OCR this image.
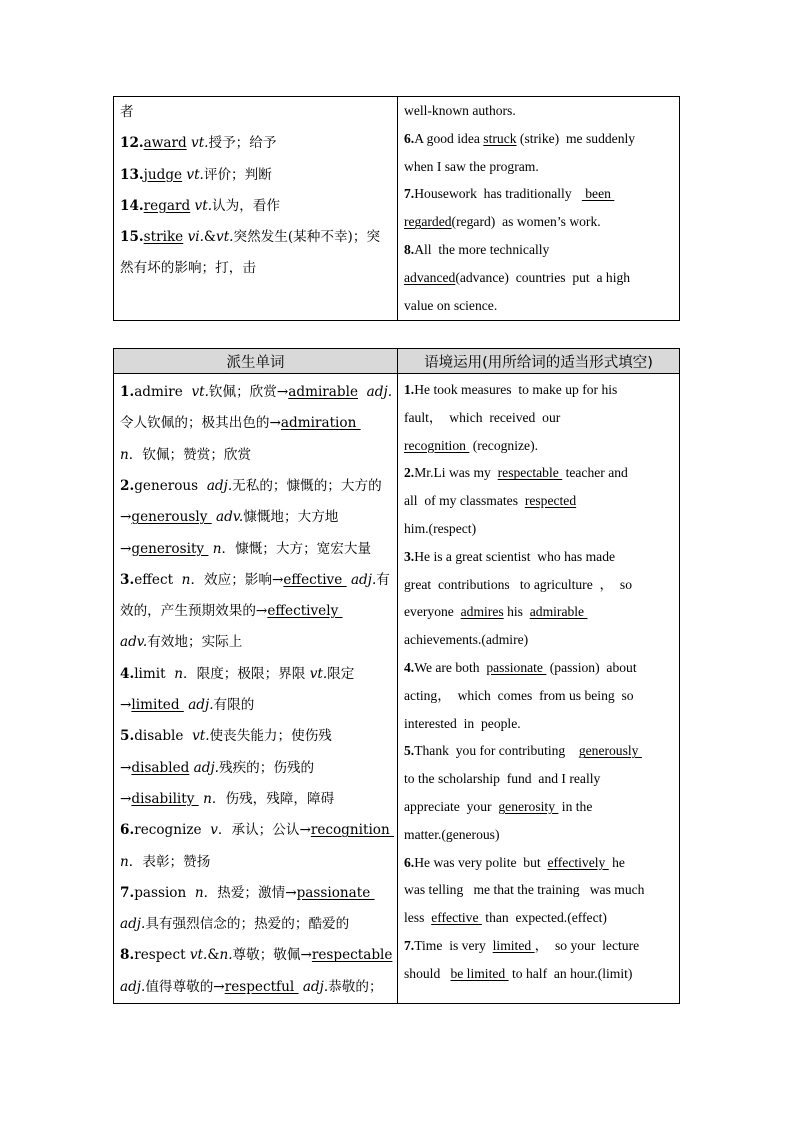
者
12.award vt.授予；给予
13.judge vt.评价；判断
14.regard vt.认为，看作
15.strike vi.&vt.突然发生(某种不幸)；突
然有坏的影响；打，击
well-known authors.
6.A good idea struck (strike)  me suddenly
when I saw the program.
7.Housework  has traditionally    been
regarded(regard)  as women’s work.
8.All  the more technically
advanced(advance)  countries  put  a high
value on science.
派生单词	语境运用(用所给词的适当形式填空)
1.admire  vt.钦佩；欣赏→admirable adj.
令人钦佩的；极其出色的→admiration
n．钦佩；赞赏；欣赏
2.generous  adj.无私的；慷慨的；大方的
→generously  adv.慷慨地；大方地
→generosity  n．慷慨；大方；宽宏大量
3.effect  n．效应；影响→effective  adj.有
效的，产生预期效果的→effectively
adv.有效地；实际上
4.limit  n．限度；极限；界限 vt.限定
→limited  adj.有限的
5.disable  vt.使丧失能力；使伤残
→disabled adj.残疾的；伤残的
→disability  n．伤残，残障，障碍
6.recognize  v．承认；公认→recognition
n．表彰；赞扬
7.passion  n．热爱；激情→passionate
adj.具有强烈信念的；热爱的；酷爱的
8.respect vt.&n.尊敬；敬佩→respectable
adj.值得尊敬的→respectful  adj.恭敬的；
1.He took measures  to make up for his
fault，  which  received  our
recognition  (recognize).
2.Mr.Li was my  respectable  teacher and
all  of my classmates  respected
him.(respect)
3.He is a great scientist  who has made
great  contributions   to agriculture  ，  so
everyone  admires his  admirable
achievements.(admire)
4.We are both  passionate  (passion)  about
acting，  which  comes  from us being  so
interested  in  people.
5.Thank  you for contributing    generously
to the scholarship  fund  and I really
appreciate  your  generosity  in the
matter.(generous)
6.He was very polite  but  effectively  he
was telling   me that the training   was much
less  effective  than  expected.(effect)
7.Time  is very  limited ，  so your  lecture
should   be limited  to half  an hour.(limit)
